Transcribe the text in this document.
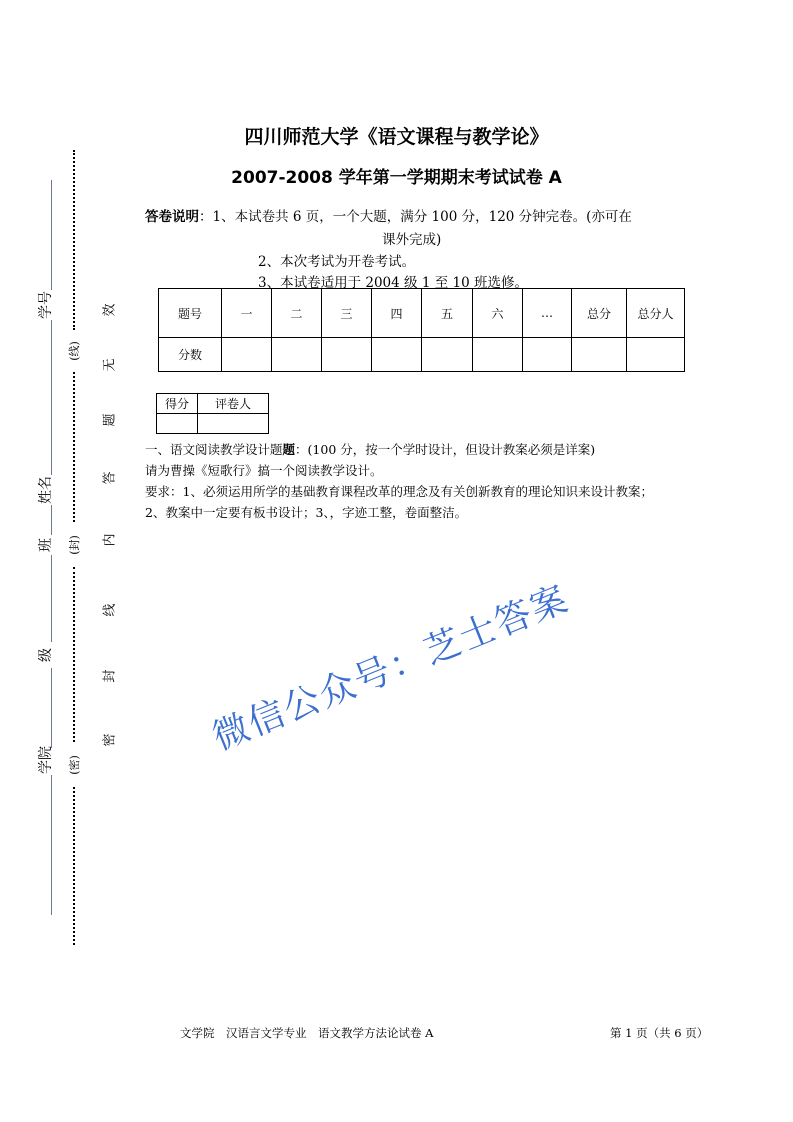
四川师范大学《语文课程与教学论》
2007-2008 学年第一学期期末考试试卷 A
答卷说明：1、本试卷共 6 页，一个大题，满分 100 分，120 分钟完卷。(亦可在
课外完成)
2、本次考试为开卷考试。
3、本试卷适用于 2004 级 1 至 10 班选修。
题号	一	二	三	四	五	六	…	总分	总分人
分数									
得分	评卷人

一、语文阅读教学设计题题：(100 分，按一个学时设计，但设计教案必须是详案)
请为曹操《短歌行》搞一个阅读教学设计。
要求：1、必须运用所学的基础教育课程改革的理念及有关创新教育的理论知识来设计教案；
2、教案中一定要有板书设计；3、，字迹工整，卷面整洁。
微信公众号：芝士答案
学院
级
班
姓名
学号
(密)
(封)
(线)
密
封
线
内
答
题
无
效
文学院　汉语言文学专业　语文教学方法论试卷 A	第 1 页（共 6 页）
